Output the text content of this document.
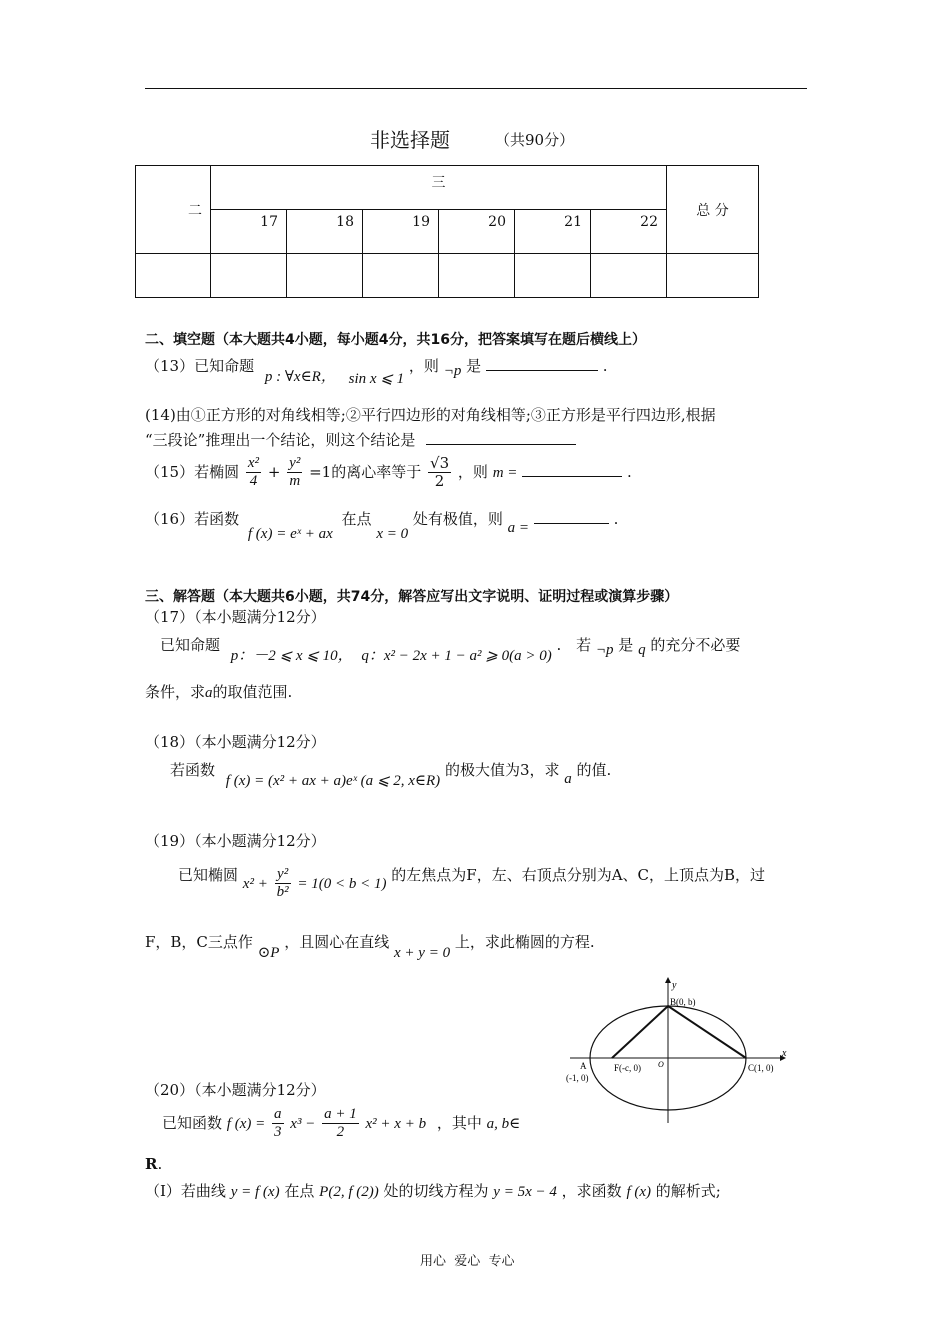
非选择题	（共90分）
二	三						总 分
	17	18	19	20	21	22	

二、填空题（本大题共4小题，每小题4分，共16分，把答案填写在题后横线上）
（13）已知命题 p : ∀x∈R， sin x ⩽ 1 ，则 ¬p 是	.
(14)由①正方形的对角线相等;②平行四边形的对角线相等;③正方形是平行四边形,根据
“三段论”推理出一个结论，则这个结论是
（15）若椭圆 $\frac{\text{x²}}{4} + \frac{\text{y²}}{m} =1$的离心率等于 $\frac{√3}{2}$ ，则 m =	.
（16）若函数 f (x) = eˣ + ax 在点 x = 0 处有极值，则 a =	.
三、解答题（本大题共6小题，共74分，解答应写出文字说明、证明过程或演算步骤）
（17）（本小题满分12分）
已知命题 p：－2 ⩽ x ⩽ 10， q：x² − 2x + 1 − a² ⩾ 0(a > 0) . 若 ¬p 是 q 的充分不必要
条件，求a的取值范围.
（18）（本小题满分12分）
若函数 f (x) = (x² + ax + a)eˣ (a ⩽ 2, x∈R) 的极大值为3，求 a 的值.
（19）（本小题满分12分）
已知椭圆 $x^2 + \frac{\text{y²}}{\text{b²}} = 1(0 < b < 1)$ 的左焦点为F，左、右顶点分别为A、C，上顶点为B，过
F，B，C三点作 ⊙P ，且圆心在直线 x + y = 0 上，求此椭圆的方程.
y
x
B(0, b)
O
A
(-1, 0)
F(-c, 0)	C(1, 0)
（20）（本小题满分12分）
已知函数 f $(x) = \frac{a}{3} x^3 - \frac{a + 1}{2} x^2 + x + b$ ，其中 a, b∈
R.
（Ⅰ）若曲线 y = f (x) 在点 P(2, f (2)) 处的切线方程为 y = 5x − 4 ，求函数 f (x) 的解析式;
用心  爱心  专心
